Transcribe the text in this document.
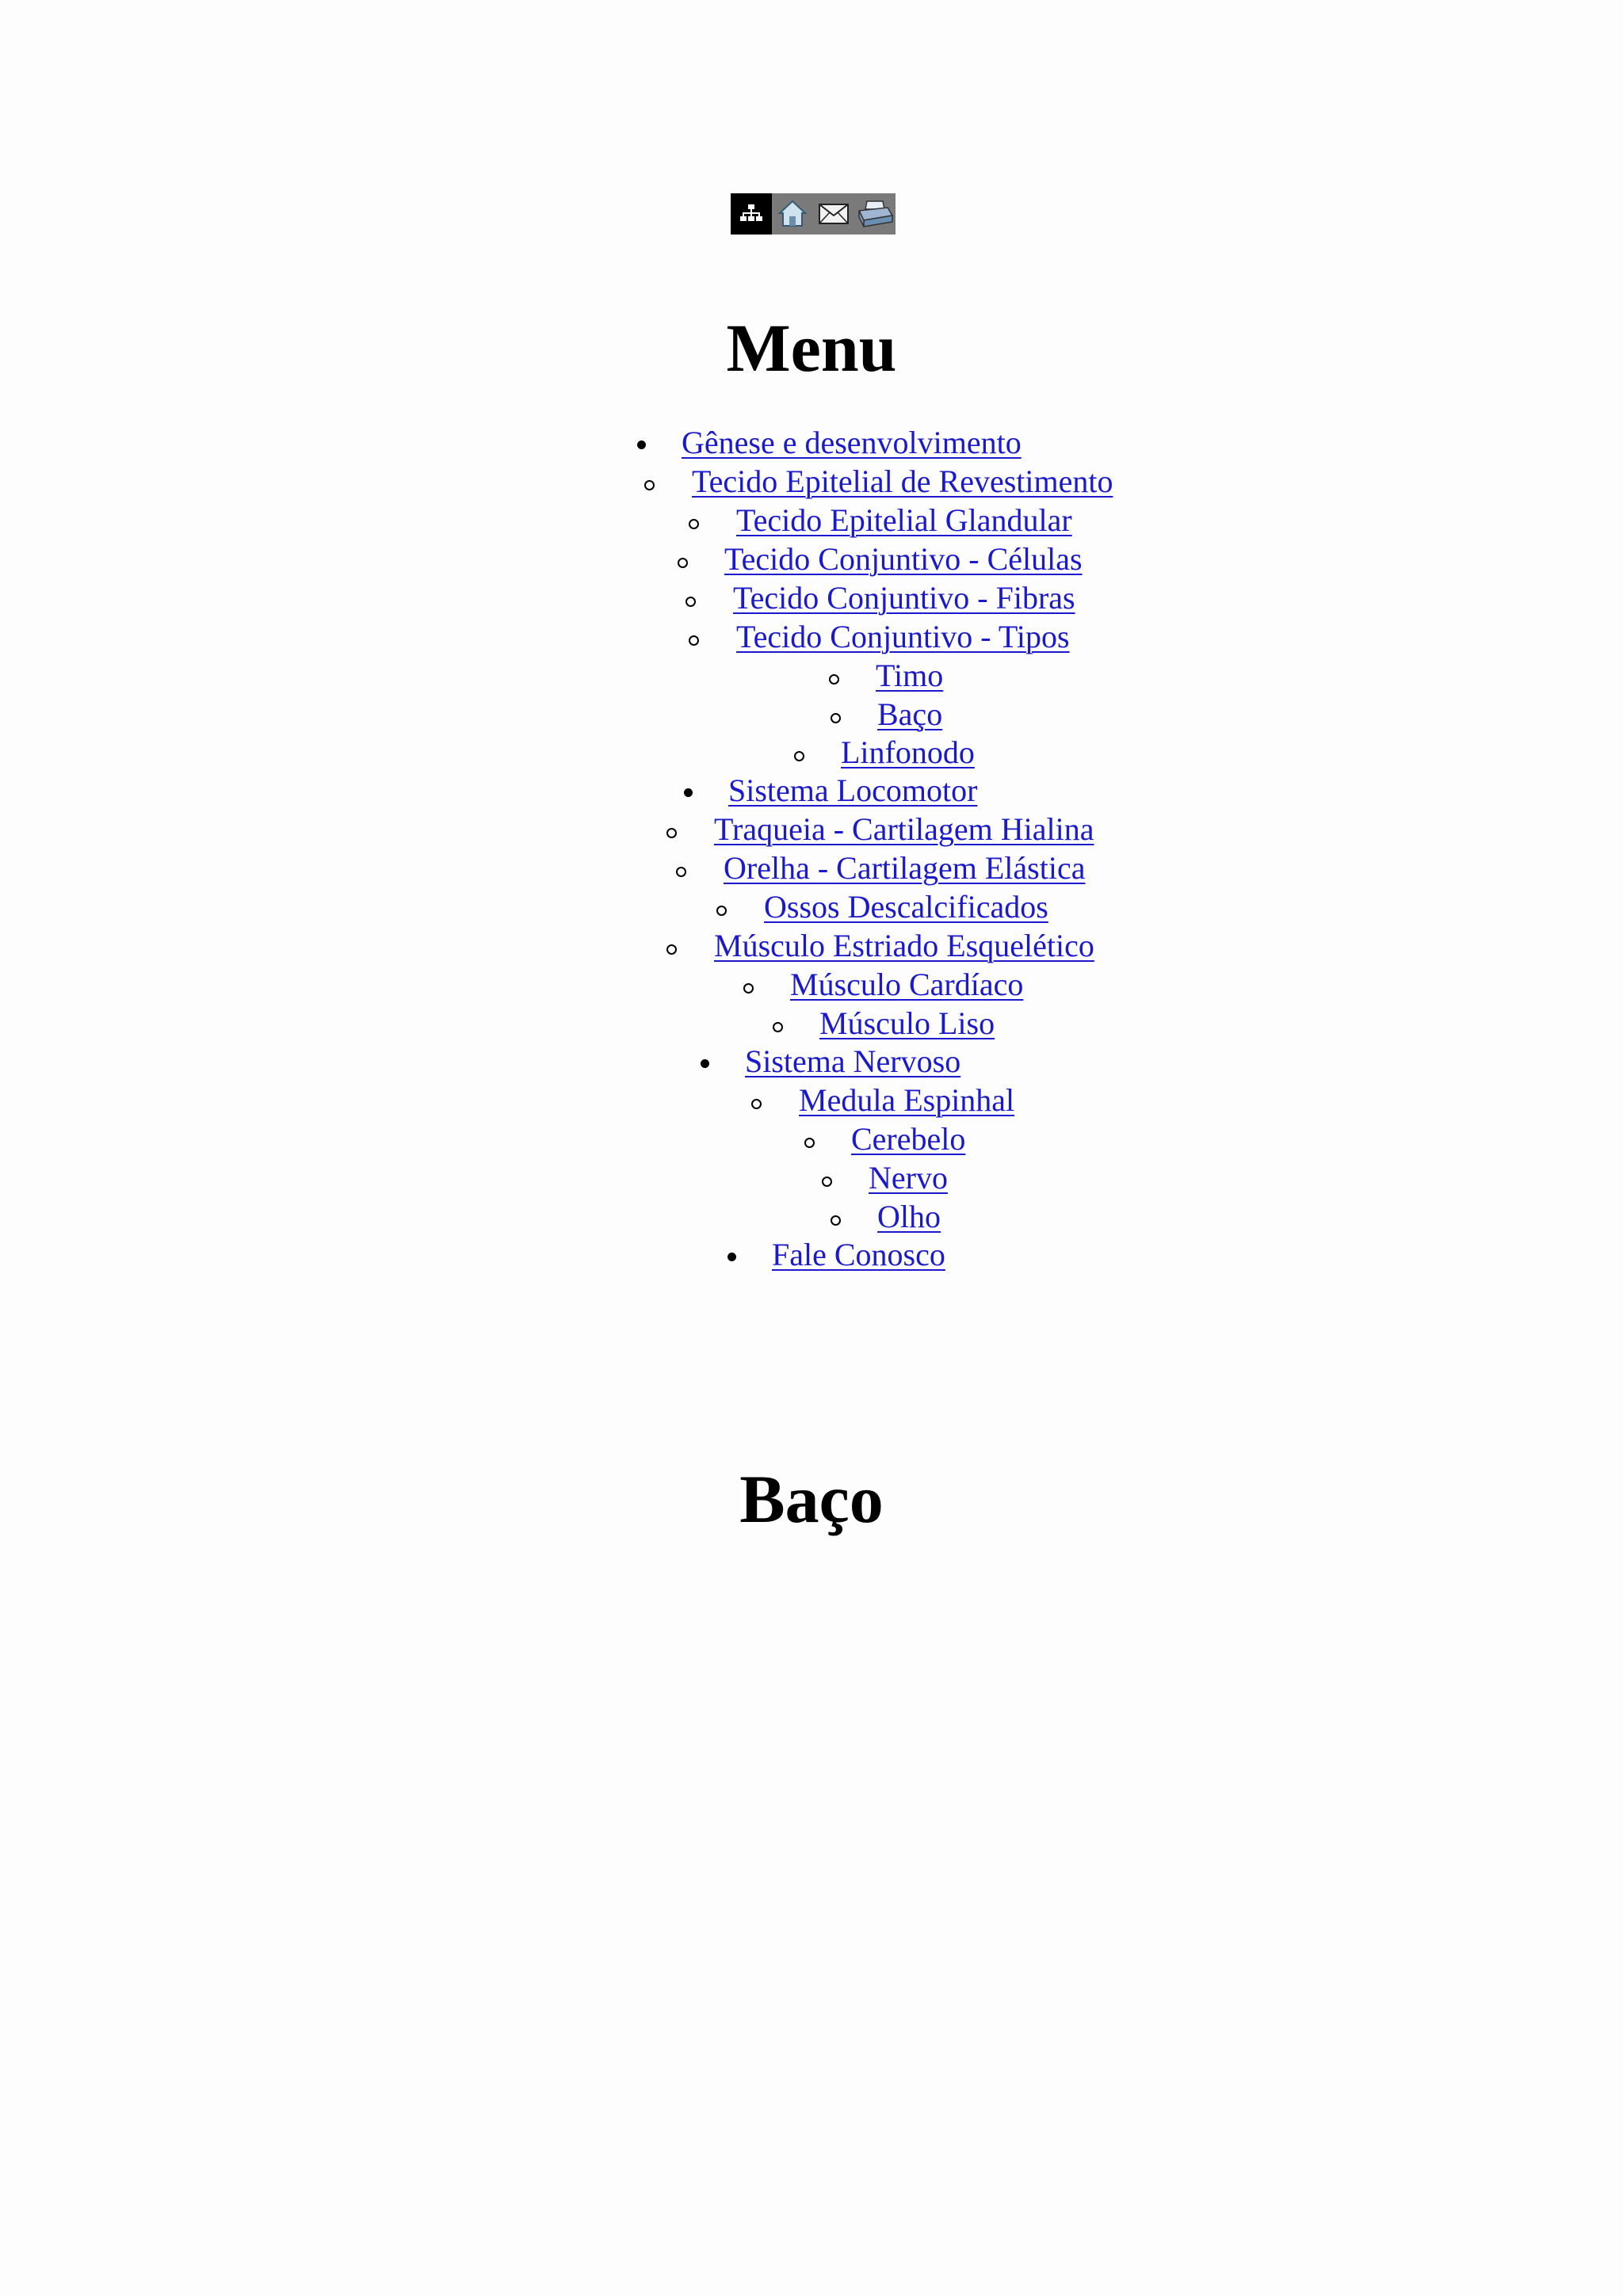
Menu
Gênese e desenvolvimento
Tecido Epitelial de Revestimento
Tecido Epitelial Glandular
Tecido Conjuntivo - Células
Tecido Conjuntivo - Fibras
Tecido Conjuntivo - Tipos
Timo
Baço
Linfonodo
Sistema Locomotor
Traqueia - Cartilagem Hialina
Orelha - Cartilagem Elástica
Ossos Descalcificados
Músculo Estriado Esquelético
Músculo Cardíaco
Músculo Liso
Sistema Nervoso
Medula Espinhal
Cerebelo
Nervo
Olho
Fale Conosco
Baço
